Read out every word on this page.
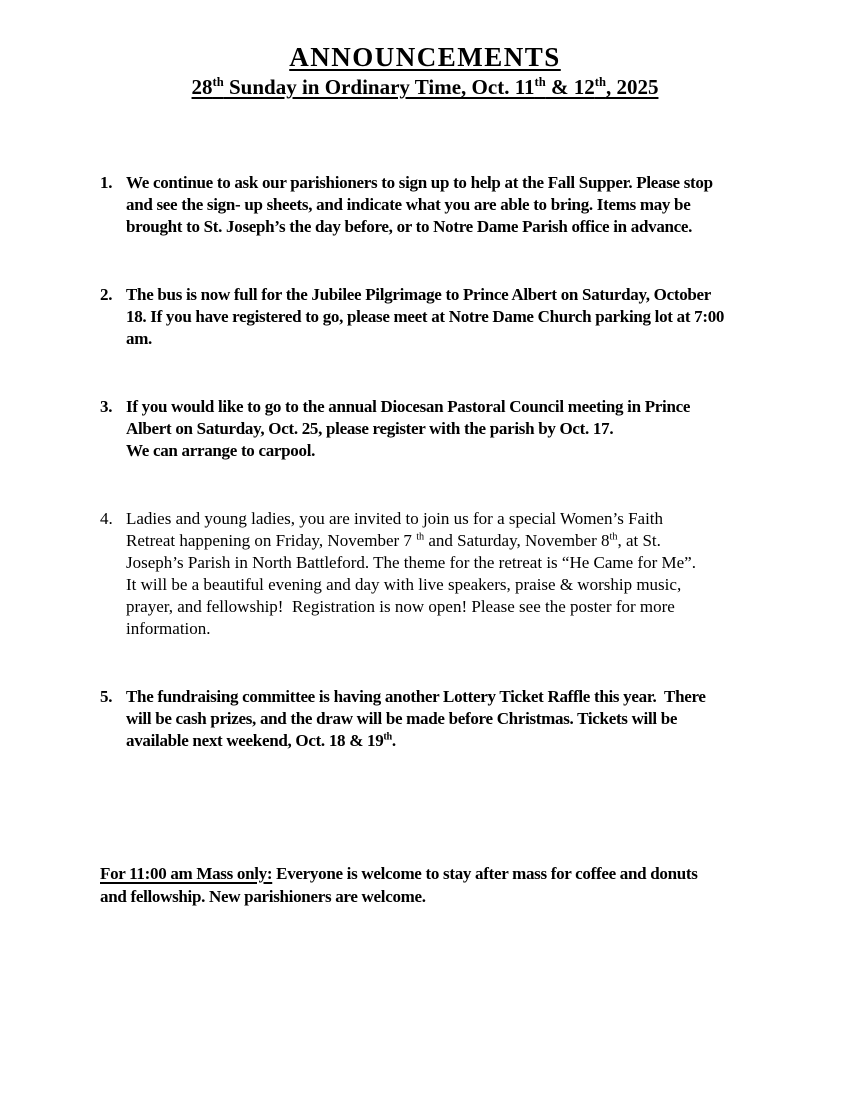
ANNOUNCEMENTS
28th Sunday in Ordinary Time, Oct. 11th & 12th, 2025
1. We continue to ask our parishioners to sign up to help at the Fall Supper. Please stop
and see the sign- up sheets, and indicate what you are able to bring. Items may be
brought to St. Joseph’s the day before, or to Notre Dame Parish office in advance.
2. The bus is now full for the Jubilee Pilgrimage to Prince Albert on Saturday, October
18. If you have registered to go, please meet at Notre Dame Church parking lot at 7:00
am.
3. If you would like to go to the annual Diocesan Pastoral Council meeting in Prince
Albert on Saturday, Oct. 25, please register with the parish by Oct. 17.
We can arrange to carpool.
4. Ladies and young ladies, you are invited to join us for a special Women’s Faith
Retreat happening on Friday, November 7 $^{th}$ and Saturday, November 8th, at St.
Joseph’s Parish in North Battleford. The theme for the retreat is “He Came for Me”.
It will be a beautiful evening and day with live speakers, praise & worship music,
prayer, and fellowship!  Registration is now open! Please see the poster for more
information.
5. The fundraising committee is having another Lottery Ticket Raffle this year.  There
will be cash prizes, and the draw will be made before Christmas. Tickets will be
available next weekend, Oct. 18 & 19th.

For 11:00 am Mass only: Everyone is welcome to stay after mass for coffee and donuts
and fellowship. New parishioners are welcome.
